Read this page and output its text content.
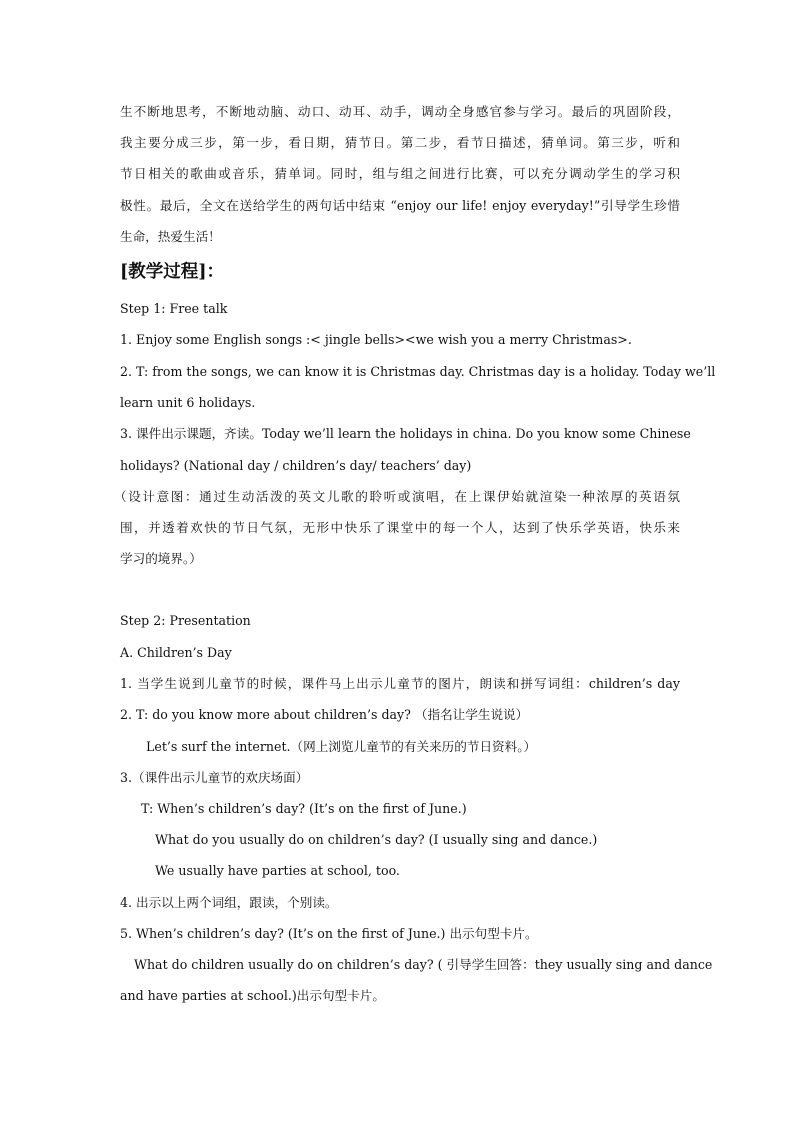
生不断地思考，不断地动脑、动口、动耳、动手，调动全身感官参与学习。最后的巩固阶段，
我主要分成三步，第一步，看日期，猜节日。第二步，看节日描述，猜单词。第三步，听和
节日相关的歌曲或音乐，猜单词。同时，组与组之间进行比赛，可以充分调动学生的学习积
极性。最后，全文在送给学生的两句话中结束 “enjoy our life! enjoy everyday!”引导学生珍惜
生命，热爱生活！
[教学过程]：
Step 1: Free talk
1. Enjoy some English songs :< jingle bells><we wish you a merry Christmas>.
2. T: from the songs, we can know it is Christmas day. Christmas day is a holiday. Today we’ll
learn unit 6 holidays.
3. 课件出示课题，齐读。Today we’ll learn the holidays in china. Do you know some Chinese
holidays? (National day / children’s day/ teachers’ day)
（设计意图：通过生动活泼的英文儿歌的聆听或演唱，在上课伊始就渲染一种浓厚的英语氛
围，并透着欢快的节日气氛，无形中快乐了课堂中的每一个人，达到了快乐学英语，快乐来
学习的境界。）
Step 2: Presentation
A. Children’s Day
1. 当学生说到儿童节的时候，课件马上出示儿童节的图片，朗读和拼写词组：children’s day
2. T: do you know more about children’s day? （指名让学生说说）
Let’s surf the internet.（网上浏览儿童节的有关来历的节日资料。）
3.（课件出示儿童节的欢庆场面）
T: When’s children’s day? (It’s on the first of June.)
What do you usually do on children’s day? (I usually sing and dance.)
We usually have parties at school, too.
4. 出示以上两个词组，跟读，个别读。
5. When’s children’s day? (It’s on the first of June.) 出示句型卡片。
What do children usually do on children’s day? ( 引导学生回答：they usually sing and dance
and have parties at school.)出示句型卡片。
